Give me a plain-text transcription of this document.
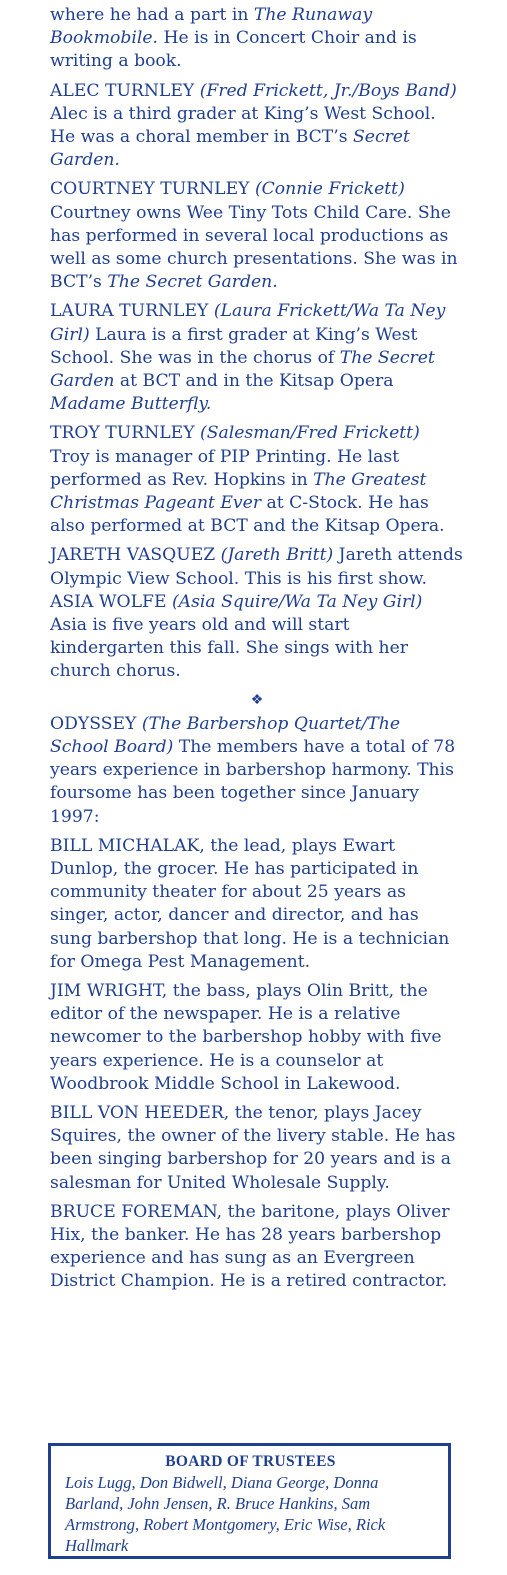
where he had a part in The Runaway Bookmobile. He is in Concert Choir and is writing a book.

ALEC TURNLEY (Fred Frickett, Jr./Boys Band) Alec is a third grader at King’s West School. He was a choral member in BCT’s Secret Garden.

COURTNEY TURNLEY (Connie Frickett) Courtney owns Wee Tiny Tots Child Care. She has performed in several local productions as well as some church presentations. She was in BCT’s The Secret Garden.

LAURA TURNLEY (Laura Frickett/Wa Ta Ney Girl) Laura is a first grader at King’s West School. She was in the chorus of The Secret Garden at BCT and in the Kitsap Opera Madame Butterfly.

TROY TURNLEY (Salesman/Fred Frickett) Troy is manager of PIP Printing. He last performed as Rev. Hopkins in The Greatest Christmas Pageant Ever at C-Stock. He has also performed at BCT and the Kitsap Opera.

JARETH VASQUEZ (Jareth Britt) Jareth attends Olympic View School. This is his first show.

ASIA WOLFE (Asia Squire/Wa Ta Ney Girl) Asia is five years old and will start kindergarten this fall. She sings with her church chorus.

❖

ODYSSEY (The Barbershop Quartet/The School Board) The members have a total of 78 years experience in barbershop harmony. This foursome has been together since January 1997:

BILL MICHALAK, the lead, plays Ewart Dunlop, the grocer. He has participated in community theater for about 25 years as singer, actor, dancer and director, and has sung barbershop that long. He is a technician for Omega Pest Management.

JIM WRIGHT, the bass, plays Olin Britt, the editor of the newspaper. He is a relative newcomer to the barbershop hobby with five years experience. He is a counselor at Woodbrook Middle School in Lakewood.

BILL VON HEEDER, the tenor, plays Jacey Squires, the owner of the livery stable. He has been singing barbershop for 20 years and is a salesman for United Wholesale Supply.

BRUCE FOREMAN, the baritone, plays Oliver Hix, the banker. He has 28 years barbershop experience and has sung as an Evergreen District Champion. He is a retired contractor.

BOARD OF TRUSTEES

Lois Lugg, Don Bidwell, Diana George, Donna Barland, John Jensen, R. Bruce Hankins, Sam Armstrong, Robert Montgomery, Eric Wise, Rick Hallmark
